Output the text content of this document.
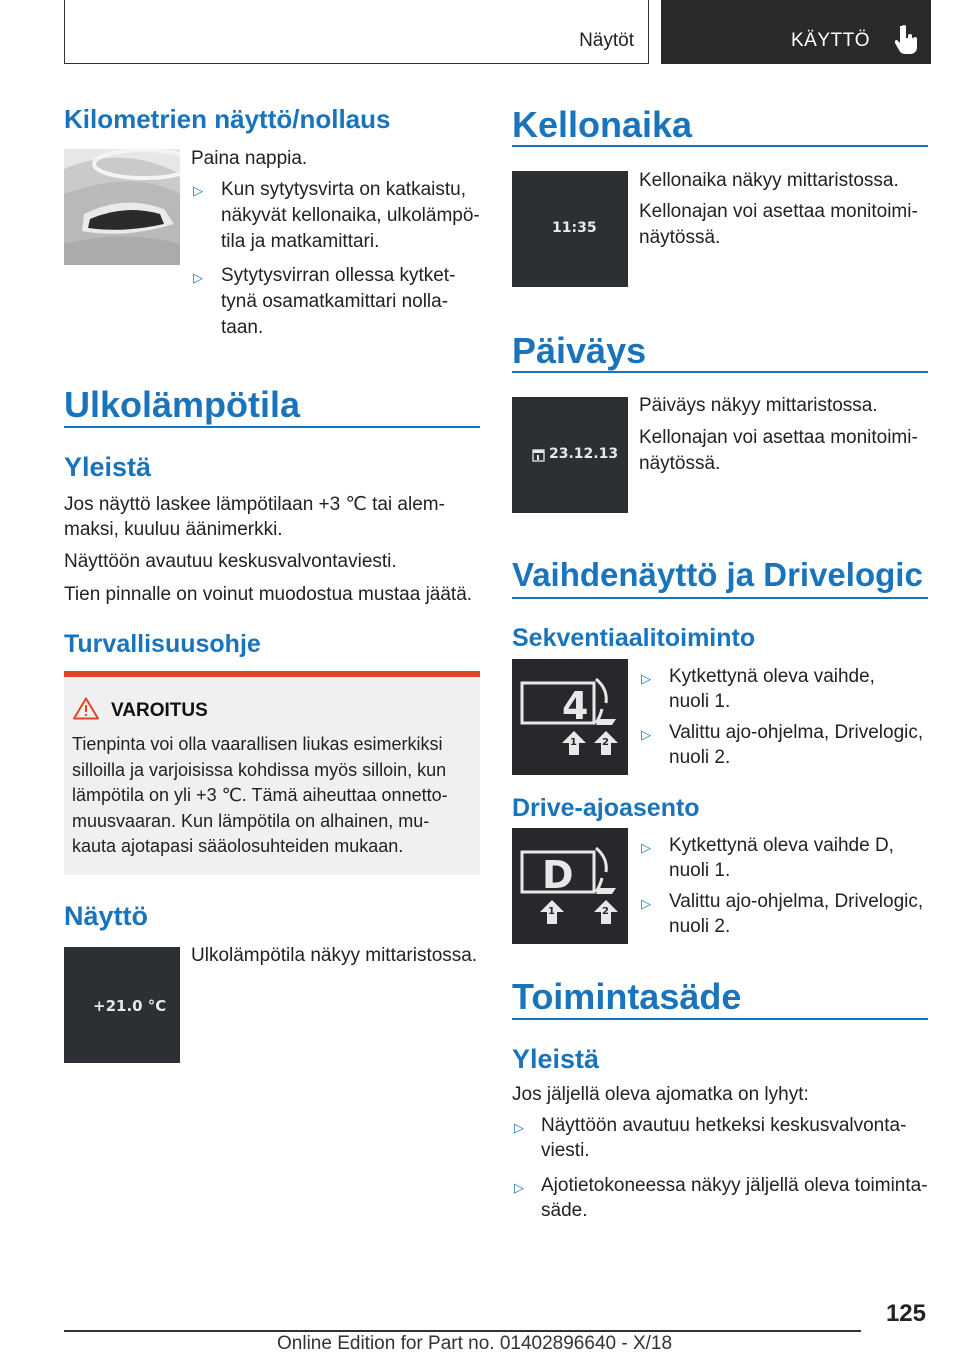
Näytöt	KÄYTTÖ
Kilometrien näyttö/nollaus
Paina nappia.
▷ Kun sytytysvirta on katkaistu,
näkyvät kellonaika, ulkolämpö-
tila ja matkamittari.
▷ Sytytysvirran ollessa kytket-
tynä osamatkamittari nolla-
taan.
Ulkolämpötila
Yleistä
Jos näyttö laskee lämpötilaan +3 ℃ tai alem-
maksi, kuuluu äänimerkki.
Näyttöön avautuu keskusvalvontaviesti.
Tien pinnalle on voinut muodostua mustaa jäätä.
Turvallisuusohje
VAROITUS
Tienpinta voi olla vaarallisen liukas esimerkiksi
silloilla ja varjoisissa kohdissa myös silloin, kun
lämpötila on yli +3 ℃. Tämä aiheuttaa onnetto-
muusvaaran. Kun lämpötila on alhainen, mu-
kauta ajotapasi sääolosuhteiden mukaan.
Näyttö
+21.0 °C
Ulkolämpötila näkyy mittaristossa.
Kellonaika
11:35
Kellonaika näkyy mittaristossa.
Kellonajan voi asettaa monitoimi-
näytössä.
Päiväys
23.12.13
Päiväys näkyy mittaristossa.
Kellonajan voi asettaa monitoimi-
näytössä.
Vaihdenäyttö ja Drivelogic
Sekventiaalitoiminto
4
1	2
▷ Kytkettynä oleva vaihde,
nuoli 1.
▷ Valittu ajo-ohjelma, Drivelogic,
nuoli 2.
Drive-ajoasento
D
1	2
▷ Kytkettynä oleva vaihde D,
nuoli 1.
▷ Valittu ajo-ohjelma, Drivelogic,
nuoli 2.
Toimintasäde
Yleistä
Jos jäljellä oleva ajomatka on lyhyt:
▷ Näyttöön avautuu hetkeksi keskusvalvonta-
viesti.
▷ Ajotietokoneessa näkyy jäljellä oleva toiminta-
säde.
125
Online Edition for Part no. 01402896640 - X/18
